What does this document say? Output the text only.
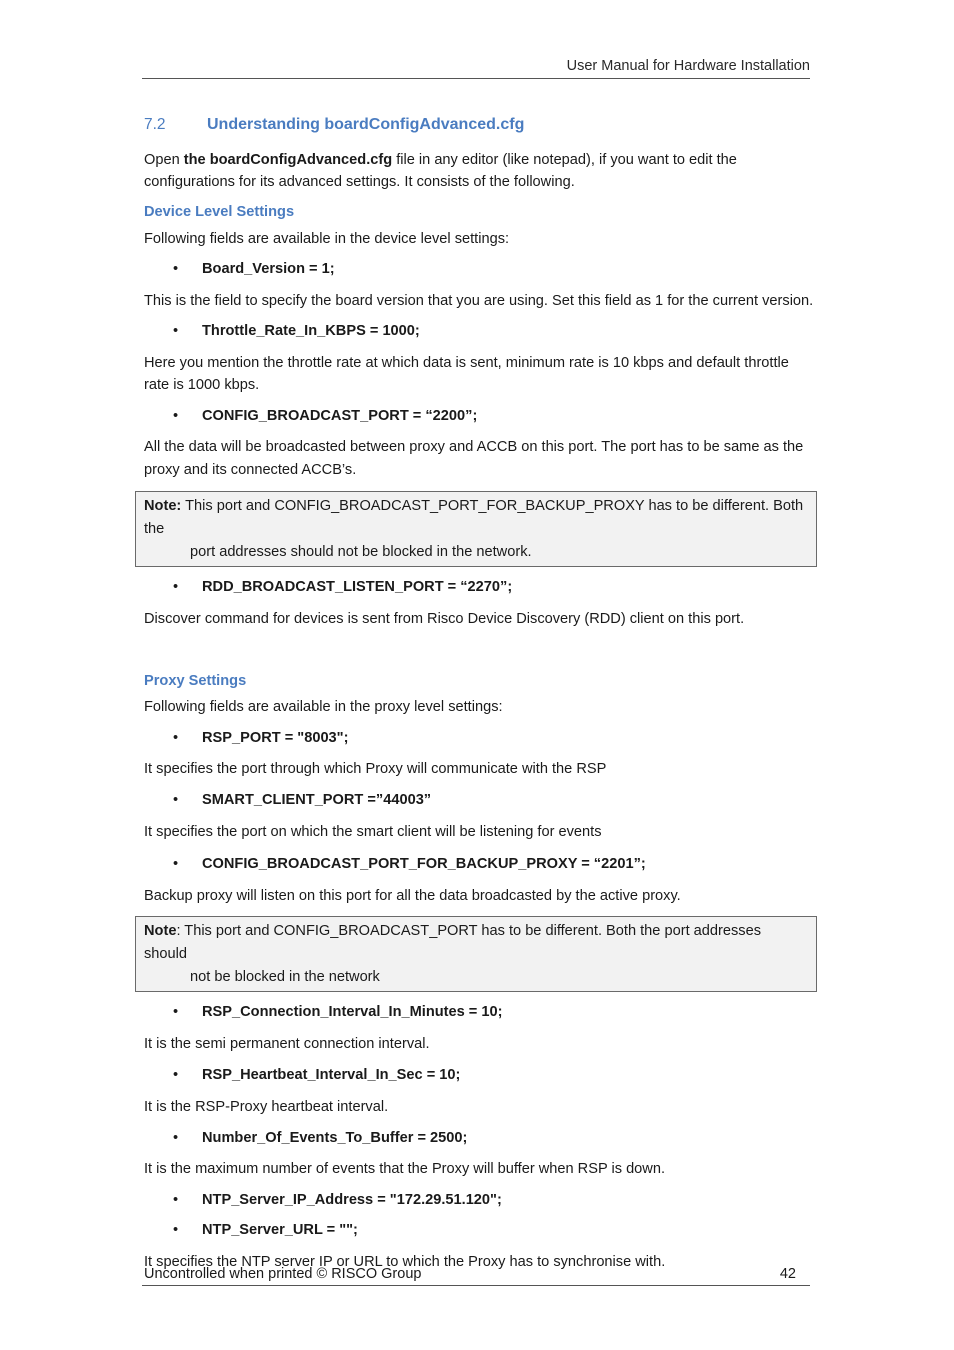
User Manual for Hardware Installation
7.2	Understanding boardConfigAdvanced.cfg

Open the boardConfigAdvanced.cfg file in any editor (like notepad), if you want to edit the configurations for its advanced settings. It consists of the following.

Device Level Settings

Following fields are available in the device level settings:

• Board_Version = 1;

This is the field to specify the board version that you are using. Set this field as 1 for the current version.

• Throttle_Rate_In_KBPS = 1000;

Here you mention the throttle rate at which data is sent, minimum rate is 10 kbps and default throttle rate is 1000 kbps.

• CONFIG_BROADCAST_PORT = “2200”;

All the data will be broadcasted between proxy and ACCB on this port. The port has to be same as the proxy and its connected ACCB’s.

Note: This port and CONFIG_BROADCAST_PORT_FOR_BACKUP_PROXY has to be different. Both the
port addresses should not be blocked in the network.
• RDD_BROADCAST_LISTEN_PORT = “2270”;

Discover command for devices is sent from Risco Device Discovery (RDD) client on this port.

Proxy Settings

Following fields are available in the proxy level settings:

• RSP_PORT = "8003";

It specifies the port through which Proxy will communicate with the RSP

• SMART_CLIENT_PORT =”44003”

It specifies the port on which the smart client will be listening for events

• CONFIG_BROADCAST_PORT_FOR_BACKUP_PROXY = “2201”;

Backup proxy will listen on this port for all the data broadcasted by the active proxy.

Note: This port and CONFIG_BROADCAST_PORT has to be different. Both the port addresses should
not be blocked in the network
• RSP_Connection_Interval_In_Minutes = 10;

It is the semi permanent connection interval.

• RSP_Heartbeat_Interval_In_Sec = 10;

It is the RSP-Proxy heartbeat interval.

• Number_Of_Events_To_Buffer = 2500;

It is the maximum number of events that the Proxy will buffer when RSP is down.

• NTP_Server_IP_Address = "172.29.51.120";
• NTP_Server_URL = "";

It specifies the NTP server IP or URL to which the Proxy has to synchronise with.

Uncontrolled when printed © RISCO Group	42
